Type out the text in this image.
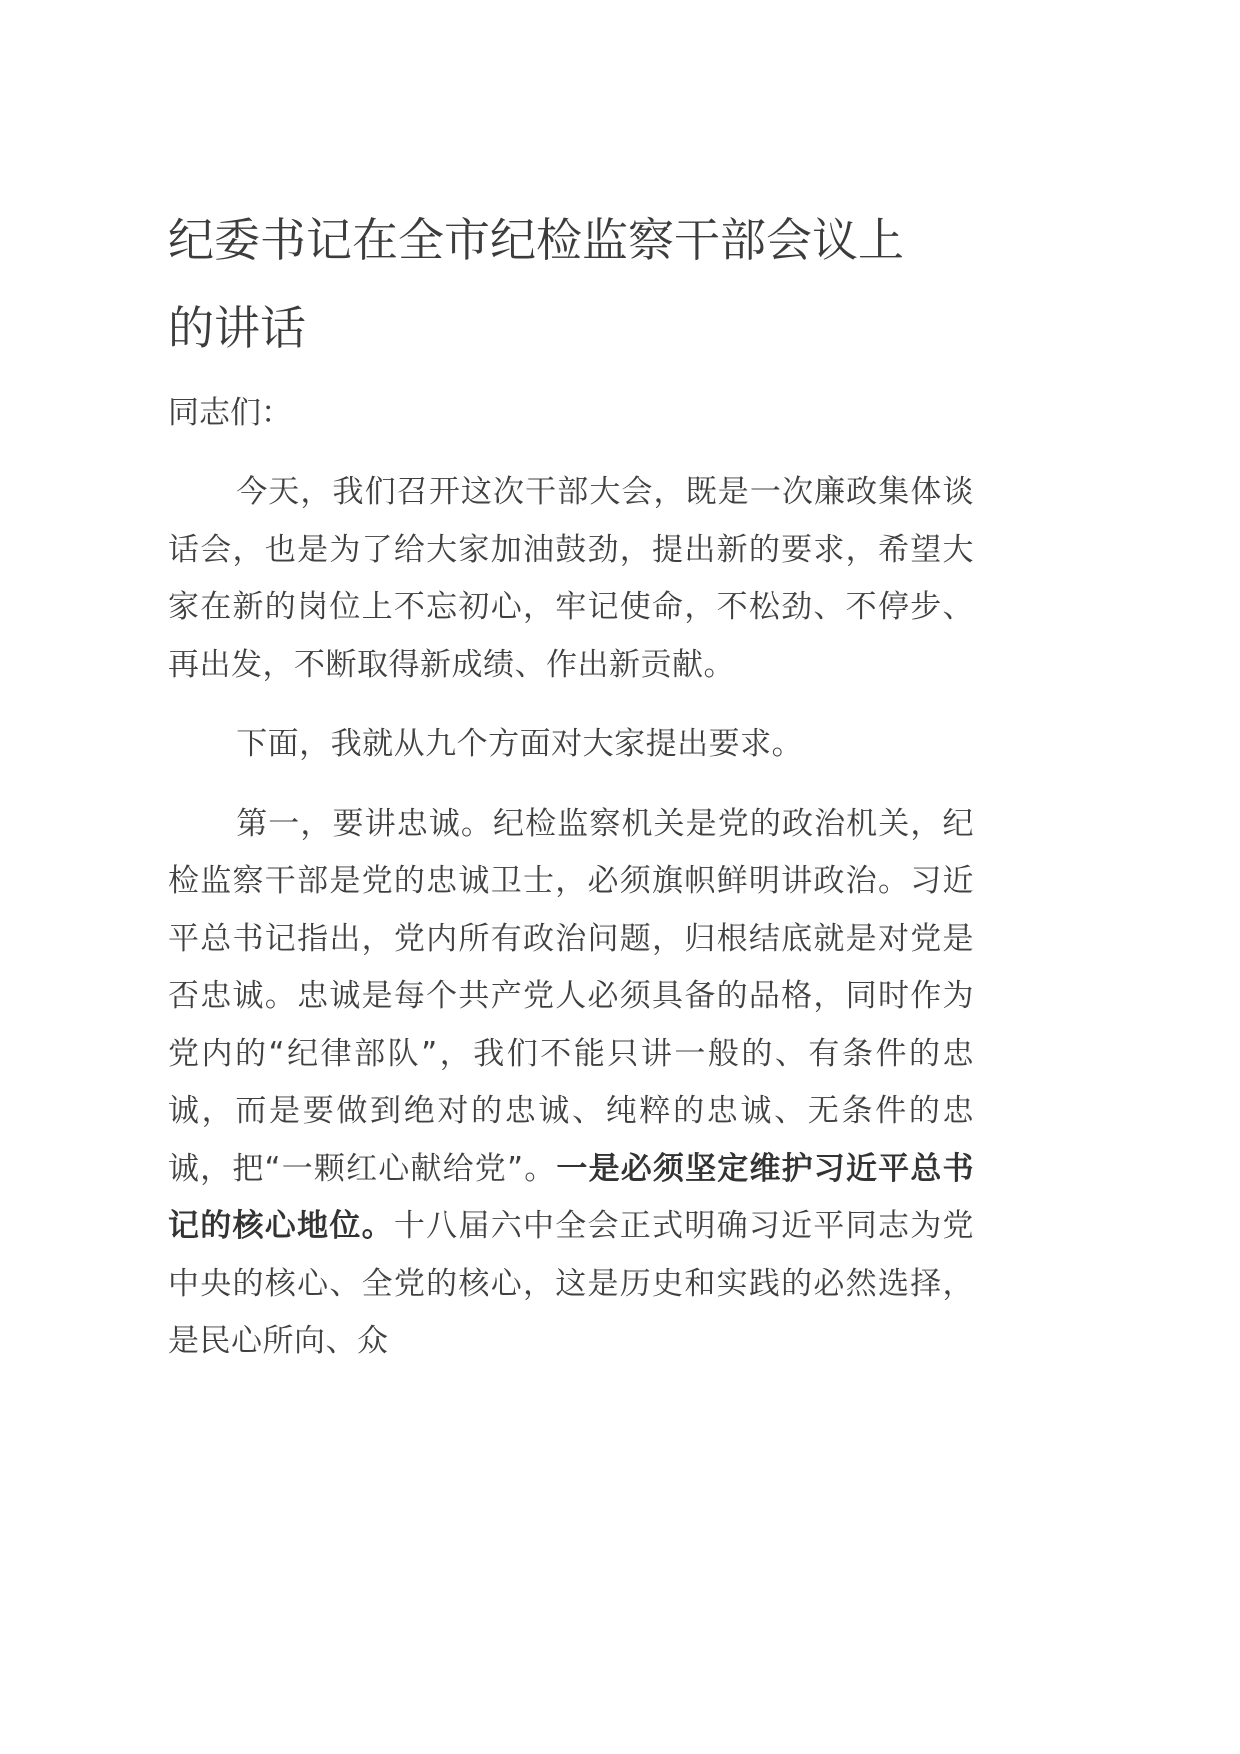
纪委书记在全市纪检监察干部会议上的讲话

同志们：

今天，我们召开这次干部大会，既是一次廉政集体谈话会，也是为了给大家加油鼓劲，提出新的要求，希望大家在新的岗位上不忘初心，牢记使命，不松劲、不停步、再出发，不断取得新成绩、作出新贡献。

下面，我就从九个方面对大家提出要求。

第一，要讲忠诚。纪检监察机关是党的政治机关，纪检监察干部是党的忠诚卫士，必须旗帜鲜明讲政治。习近平总书记指出，党内所有政治问题，归根结底就是对党是否忠诚。忠诚是每个共产党人必须具备的品格，同时作为党内的“纪律部队”，我们不能只讲一般的、有条件的忠诚，而是要做到绝对的忠诚、纯粹的忠诚、无条件的忠诚，把“一颗红心献给党”。一是必须坚定维护习近平总书记的核心地位。十八届六中全会正式明确习近平同志为党中央的核心、全党的核心，这是历史和实践的必然选择，是民心所向、众
